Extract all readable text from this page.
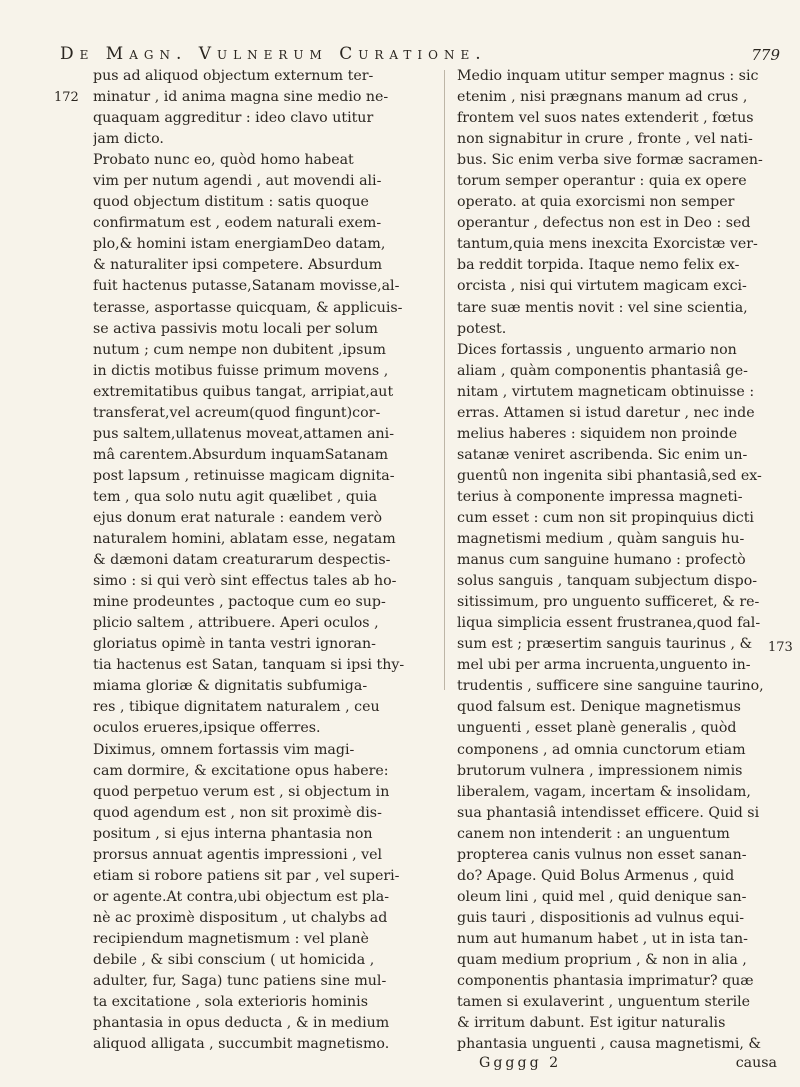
De Magn. Vulnerum Curatione.	779
172
173
pus ad aliquod objectum externum ter-
minatur , id anima magna sine medio ne-
quaquam aggreditur : ideo clavo utitur
jam dicto.
Probato nunc eo, quòd homo habeat
vim per nutum agendi , aut movendi ali-
quod objectum distitum : satis quoque
confirmatum est , eodem naturali exem-
plo,& homini istam energiamDeo datam,
& naturaliter ipsi competere. Absurdum
fuit hactenus putasse,Satanam movisse,al-
terasse, asportasse quicquam, & applicuis-
se activa passivis motu locali per solum
nutum ; cum nempe non dubitent ,ipsum
in dictis motibus fuisse primum movens ,
extremitatibus quibus tangat, arripiat,aut
transferat,vel acreum(quod fingunt)cor-
pus saltem,ullatenus moveat,attamen ani-
mâ carentem.Absurdum inquamSatanam
post lapsum , retinuisse magicam dignita-
tem , qua solo nutu agit quælibet , quia
ejus donum erat naturale : eandem verò
naturalem homini, ablatam esse, negatam
& dæmoni datam creaturarum despectis-
simo : si qui verò sint effectus tales ab ho-
mine prodeuntes , pactoque cum eo sup-
plicio saltem , attribuere. Aperi oculos ,
gloriatus opimè in tanta vestri ignoran-
tia hactenus est Satan, tanquam si ipsi thy-
miama gloriæ & dignitatis subfumiga-
res , tibique dignitatem naturalem , ceu
oculos erueres,ipsique offerres.
Diximus, omnem fortassis vim magi-
cam dormire, & excitatione opus habere:
quod perpetuo verum est , si objectum in
quod agendum est , non sit proximè dis-
positum , si ejus interna phantasia non
prorsus annuat agentis impressioni , vel
etiam si robore patiens sit par , vel superi-
or agente.At contra,ubi objectum est pla-
nè ac proximè dispositum , ut chalybs ad
recipiendum magnetismum : vel planè
debile , & sibi conscium ( ut homicida ,
adulter, fur, Saga) tunc patiens sine mul-
ta excitatione , sola exterioris hominis
phantasia in opus deducta , & in medium
aliquod alligata , succumbit magnetismo.
Medio inquam utitur semper magnus : sic
etenim , nisi prægnans manum ad crus ,
frontem vel suos nates extenderit , fœtus
non signabitur in crure , fronte , vel nati-
bus. Sic enim verba sive formæ sacramen-
torum semper operantur : quia ex opere
operato. at quia exorcismi non semper
operantur , defectus non est in Deo : sed
tantum,quia mens inexcita Exorcistæ ver-
ba reddit torpida. Itaque nemo felix ex-
orcista , nisi qui virtutem magicam exci-
tare suæ mentis novit : vel sine scientia,
potest.
Dices fortassis , unguento armario non
aliam , quàm componentis phantasiâ ge-
nitam , virtutem magneticam obtinuisse :
erras. Attamen si istud daretur , nec inde
melius haberes : siquidem non proinde
satanæ veniret ascribenda. Sic enim un-
guentû non ingenita sibi phantasiâ,sed ex-
terius à componente impressa magneti-
cum esset : cum non sit propinquius dicti
magnetismi medium , quàm sanguis hu-
manus cum sanguine humano : profectò
solus sanguis , tanquam subjectum dispo-
sitissimum, pro unguento sufficeret, & re-
liqua simplicia essent frustranea,quod fal-
sum est ; præsertim sanguis taurinus , &
mel ubi per arma incruenta,unguento in-
trudentis , sufficere sine sanguine taurino,
quod falsum est. Denique magnetismus
unguenti , esset planè generalis , quòd
componens , ad omnia cunctorum etiam
brutorum vulnera , impressionem nimis
liberalem, vagam, incertam & insolidam,
sua phantasiâ intendisset efficere. Quid si
canem non intenderit : an unguentum
propterea canis vulnus non esset sanan-
do? Apage. Quid Bolus Armenus , quid
oleum lini , quid mel , quid denique san-
guis tauri , dispositionis ad vulnus equi-
num aut humanum habet , ut in ista tan-
quam medium proprium , & non in alia ,
componentis phantasia imprimatur? quæ
tamen si exulaverint , unguentum sterile
& irritum dabunt. Est igitur naturalis
phantasia unguenti , causa magnetismi, &
Ggggg 2	causa
